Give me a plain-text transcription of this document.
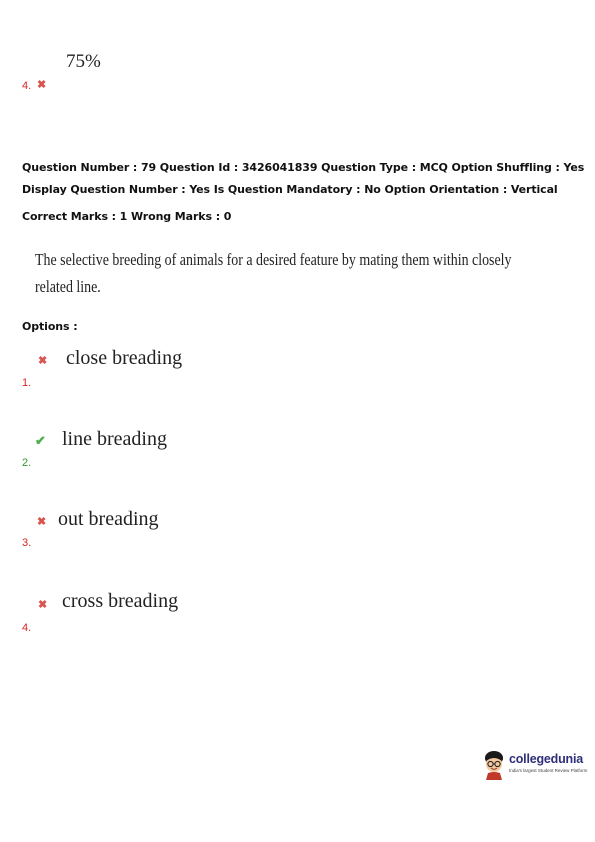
75%
4. ✖
Question Number : 79 Question Id : 3426041839 Question Type : MCQ Option Shuffling : Yes
Display Question Number : Yes Is Question Mandatory : No Option Orientation : Vertical
Correct Marks : 1 Wrong Marks : 0
The selective breeding of animals for a desired feature by mating them within closely
related line.
Options :
✖ close breading
1.
✔ line breading
2.
✖ out breading
3.
✖ cross breading
4.
collegedunia
India's largest Student Review Platform
